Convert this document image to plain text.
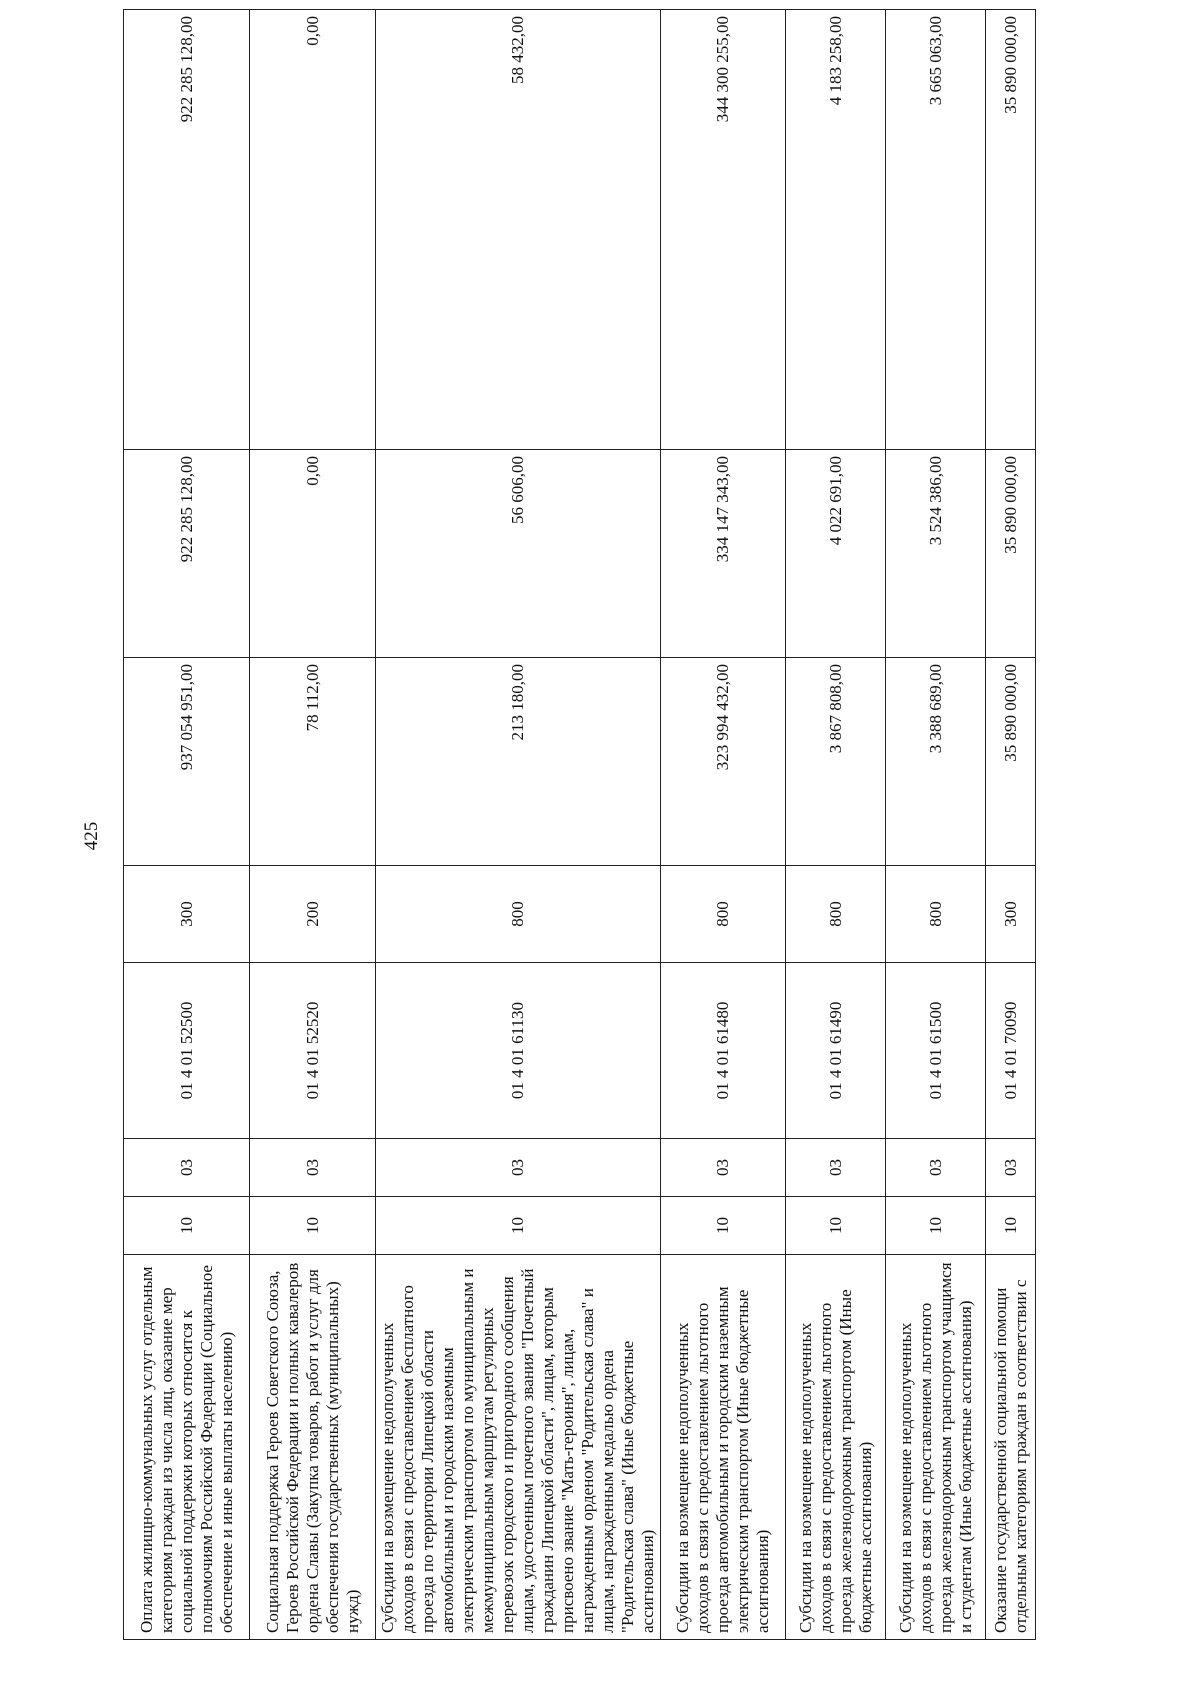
425
Оплата жилищно-коммунальных услуг отдельным категориям граждан из числа лиц, оказание мер социальной поддержки которых относится к полномочиям Российской Федерации (Социальное обеспечение и иные выплаты населению)	10	03	01 4 01 52500	300	937 054 951,00	922 285 128,00	922 285 128,00
Социальная поддержка Героев Советского Союза, Героев Российской Федерации и полных кавалеров ордена Славы (Закупка товаров, работ и услуг для обеспечения государственных (муниципальных) нужд)	10	03	01 4 01 52520	200	78 112,00	0,00	0,00
Субсидии на возмещение недополученных доходов в связи с предоставлением бесплатного проезда по территории Липецкой области автомобильным и городским наземным электрическим транспортом по муниципальным и межмуниципальным маршрутам регулярных перевозок городского и пригородного сообщения лицам, удостоенным почетного звания "Почетный гражданин Липецкой области", лицам, которым присвоено звание "Мать-героиня", лицам, награжденным орденом "Родительская слава" и лицам, награжденным медалью ордена "Родительская слава" (Иные бюджетные ассигнования)	10	03	01 4 01 61130	800	213 180,00	56 606,00	58 432,00
Субсидии на возмещение недополученных доходов в связи с предоставлением льготного проезда автомобильным и городским наземным электрическим транспортом (Иные бюджетные ассигнования)	10	03	01 4 01 61480	800	323 994 432,00	334 147 343,00	344 300 255,00
Субсидии на возмещение недополученных доходов в связи с предоставлением льготного проезда железнодорожным транспортом (Иные бюджетные ассигнования)	10	03	01 4 01 61490	800	3 867 808,00	4 022 691,00	4 183 258,00
Субсидии на возмещение недополученных доходов в связи с предоставлением льготного проезда железнодорожным транспортом учащимся и студентам (Иные бюджетные ассигнования)	10	03	01 4 01 61500	800	3 388 689,00	3 524 386,00	3 665 063,00
Оказание государственной социальной помощи отдельным категориям граждан в соответствии с	10	03	01 4 01 70090	300	35 890 000,00	35 890 000,00	35 890 000,00
